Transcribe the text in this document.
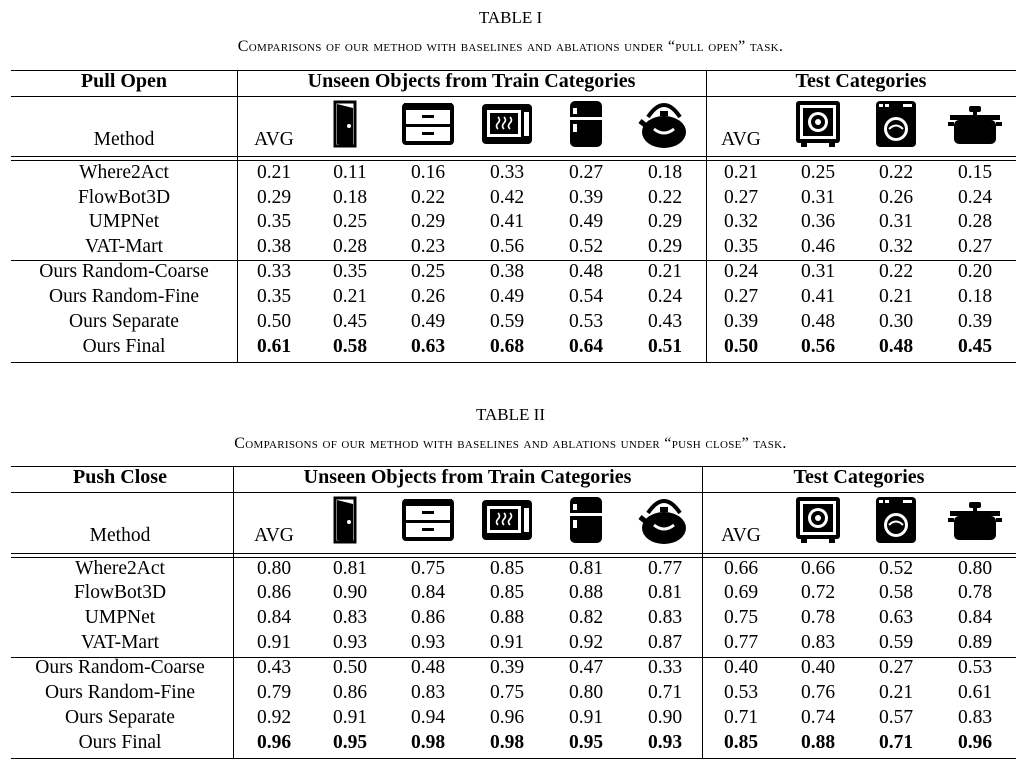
TABLE I
Comparisons of our method with baselines and ablations under “pull open” task.
Pull Open	Unseen Objects from Train Categories	Test Categories
Method	AVG	AVG
Where2Act	0.21	0.11	0.16	0.33	0.27	0.18	0.21	0.25	0.22	0.15
FlowBot3D	0.29	0.18	0.22	0.42	0.39	0.22	0.27	0.31	0.26	0.24
UMPNet	0.35	0.25	0.29	0.41	0.49	0.29	0.32	0.36	0.31	0.28
VAT-Mart	0.38	0.28	0.23	0.56	0.52	0.29	0.35	0.46	0.32	0.27
Ours Random-Coarse	0.33	0.35	0.25	0.38	0.48	0.21	0.24	0.31	0.22	0.20
Ours Random-Fine	0.35	0.21	0.26	0.49	0.54	0.24	0.27	0.41	0.21	0.18
Ours Separate	0.50	0.45	0.49	0.59	0.53	0.43	0.39	0.48	0.30	0.39
Ours Final	0.61	0.58	0.63	0.68	0.64	0.51	0.50	0.56	0.48	0.45
TABLE II
Comparisons of our method with baselines and ablations under “push close” task.
Push Close	Unseen Objects from Train Categories	Test Categories
Method	AVG	AVG
Where2Act	0.80	0.81	0.75	0.85	0.81	0.77	0.66	0.66	0.52	0.80
FlowBot3D	0.86	0.90	0.84	0.85	0.88	0.81	0.69	0.72	0.58	0.78
UMPNet	0.84	0.83	0.86	0.88	0.82	0.83	0.75	0.78	0.63	0.84
VAT-Mart	0.91	0.93	0.93	0.91	0.92	0.87	0.77	0.83	0.59	0.89
Ours Random-Coarse	0.43	0.50	0.48	0.39	0.47	0.33	0.40	0.40	0.27	0.53
Ours Random-Fine	0.79	0.86	0.83	0.75	0.80	0.71	0.53	0.76	0.21	0.61
Ours Separate	0.92	0.91	0.94	0.96	0.91	0.90	0.71	0.74	0.57	0.83
Ours Final	0.96	0.95	0.98	0.98	0.95	0.93	0.85	0.88	0.71	0.96
